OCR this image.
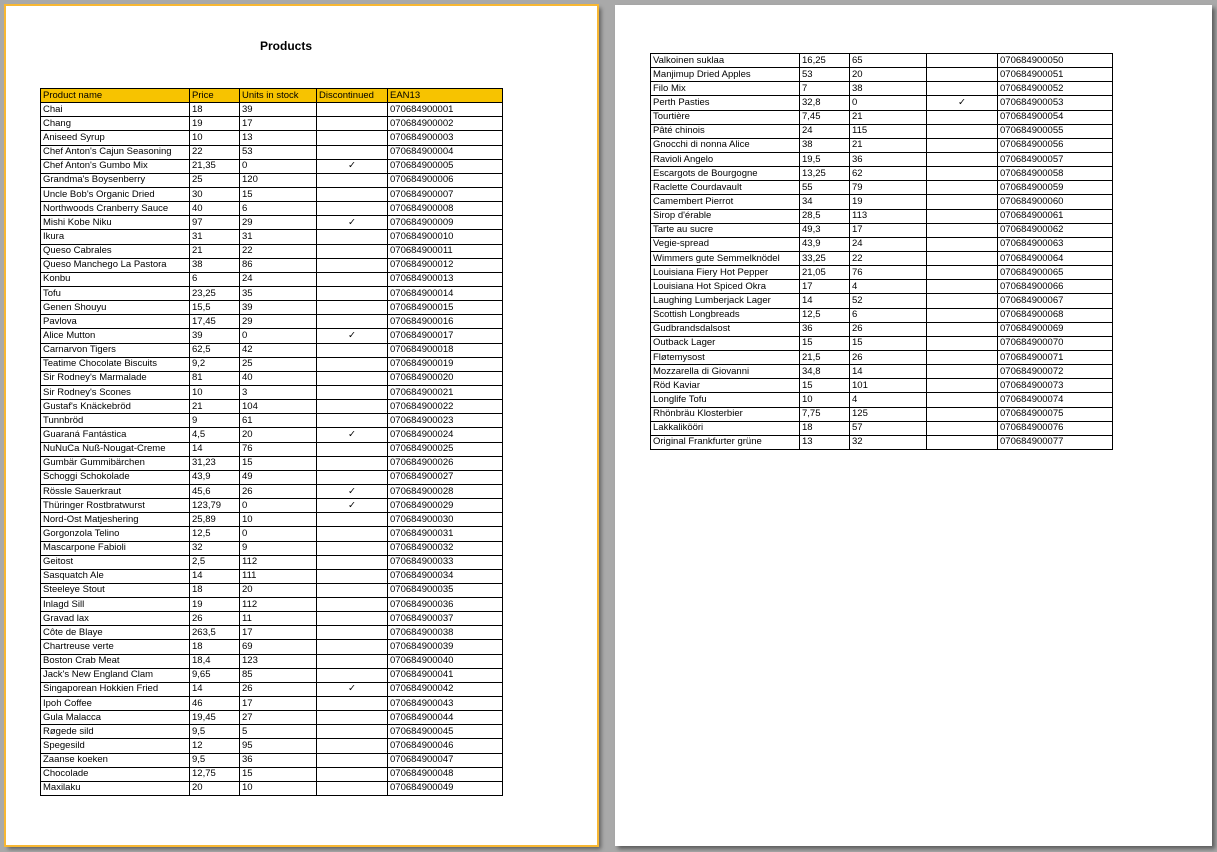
Products
Product name	Price	Units in stock	Discontinued	EAN13
Chai	18	39		070684900001
Chang	19	17		070684900002
Aniseed Syrup	10	13		070684900003
Chef Anton's Cajun Seasoning	22	53		070684900004
Chef Anton's Gumbo Mix	21,35	0	✓	070684900005
Grandma's Boysenberry	25	120		070684900006
Uncle Bob's Organic Dried	30	15		070684900007
Northwoods Cranberry Sauce	40	6		070684900008
Mishi Kobe Niku	97	29	✓	070684900009
Ikura	31	31		070684900010
Queso Cabrales	21	22		070684900011
Queso Manchego La Pastora	38	86		070684900012
Konbu	6	24		070684900013
Tofu	23,25	35		070684900014
Genen Shouyu	15,5	39		070684900015
Pavlova	17,45	29		070684900016
Alice Mutton	39	0	✓	070684900017
Carnarvon Tigers	62,5	42		070684900018
Teatime Chocolate Biscuits	9,2	25		070684900019
Sir Rodney's Marmalade	81	40		070684900020
Sir Rodney's Scones	10	3		070684900021
Gustaf's Knäckebröd	21	104		070684900022
Tunnbröd	9	61		070684900023
Guaraná Fantástica	4,5	20	✓	070684900024
NuNuCa Nuß-Nougat-Creme	14	76		070684900025
Gumbär Gummibärchen	31,23	15		070684900026
Schoggi Schokolade	43,9	49		070684900027
Rössle Sauerkraut	45,6	26	✓	070684900028
Thüringer Rostbratwurst	123,79	0	✓	070684900029
Nord-Ost Matjeshering	25,89	10		070684900030
Gorgonzola Telino	12,5	0		070684900031
Mascarpone Fabioli	32	9		070684900032
Geitost	2,5	112		070684900033
Sasquatch Ale	14	111		070684900034
Steeleye Stout	18	20		070684900035
Inlagd Sill	19	112		070684900036
Gravad lax	26	11		070684900037
Côte de Blaye	263,5	17		070684900038
Chartreuse verte	18	69		070684900039
Boston Crab Meat	18,4	123		070684900040
Jack's New England Clam	9,65	85		070684900041
Singaporean Hokkien Fried	14	26	✓	070684900042
Ipoh Coffee	46	17		070684900043
Gula Malacca	19,45	27		070684900044
Røgede sild	9,5	5		070684900045
Spegesild	12	95		070684900046
Zaanse koeken	9,5	36		070684900047
Chocolade	12,75	15		070684900048
Maxilaku	20	10		070684900049
Valkoinen suklaa	16,25	65		070684900050
Manjimup Dried Apples	53	20		070684900051
Filo Mix	7	38		070684900052
Perth Pasties	32,8	0	✓	070684900053
Tourtière	7,45	21		070684900054
Pâté chinois	24	115		070684900055
Gnocchi di nonna Alice	38	21		070684900056
Ravioli Angelo	19,5	36		070684900057
Escargots de Bourgogne	13,25	62		070684900058
Raclette Courdavault	55	79		070684900059
Camembert Pierrot	34	19		070684900060
Sirop d'érable	28,5	113		070684900061
Tarte au sucre	49,3	17		070684900062
Vegie-spread	43,9	24		070684900063
Wimmers gute Semmelknödel	33,25	22		070684900064
Louisiana Fiery Hot Pepper	21,05	76		070684900065
Louisiana Hot Spiced Okra	17	4		070684900066
Laughing Lumberjack Lager	14	52		070684900067
Scottish Longbreads	12,5	6		070684900068
Gudbrandsdalsost	36	26		070684900069
Outback Lager	15	15		070684900070
Fløtemysost	21,5	26		070684900071
Mozzarella di Giovanni	34,8	14		070684900072
Röd Kaviar	15	101		070684900073
Longlife Tofu	10	4		070684900074
Rhönbräu Klosterbier	7,75	125		070684900075
Lakkalikööri	18	57		070684900076
Original Frankfurter grüne	13	32		070684900077
